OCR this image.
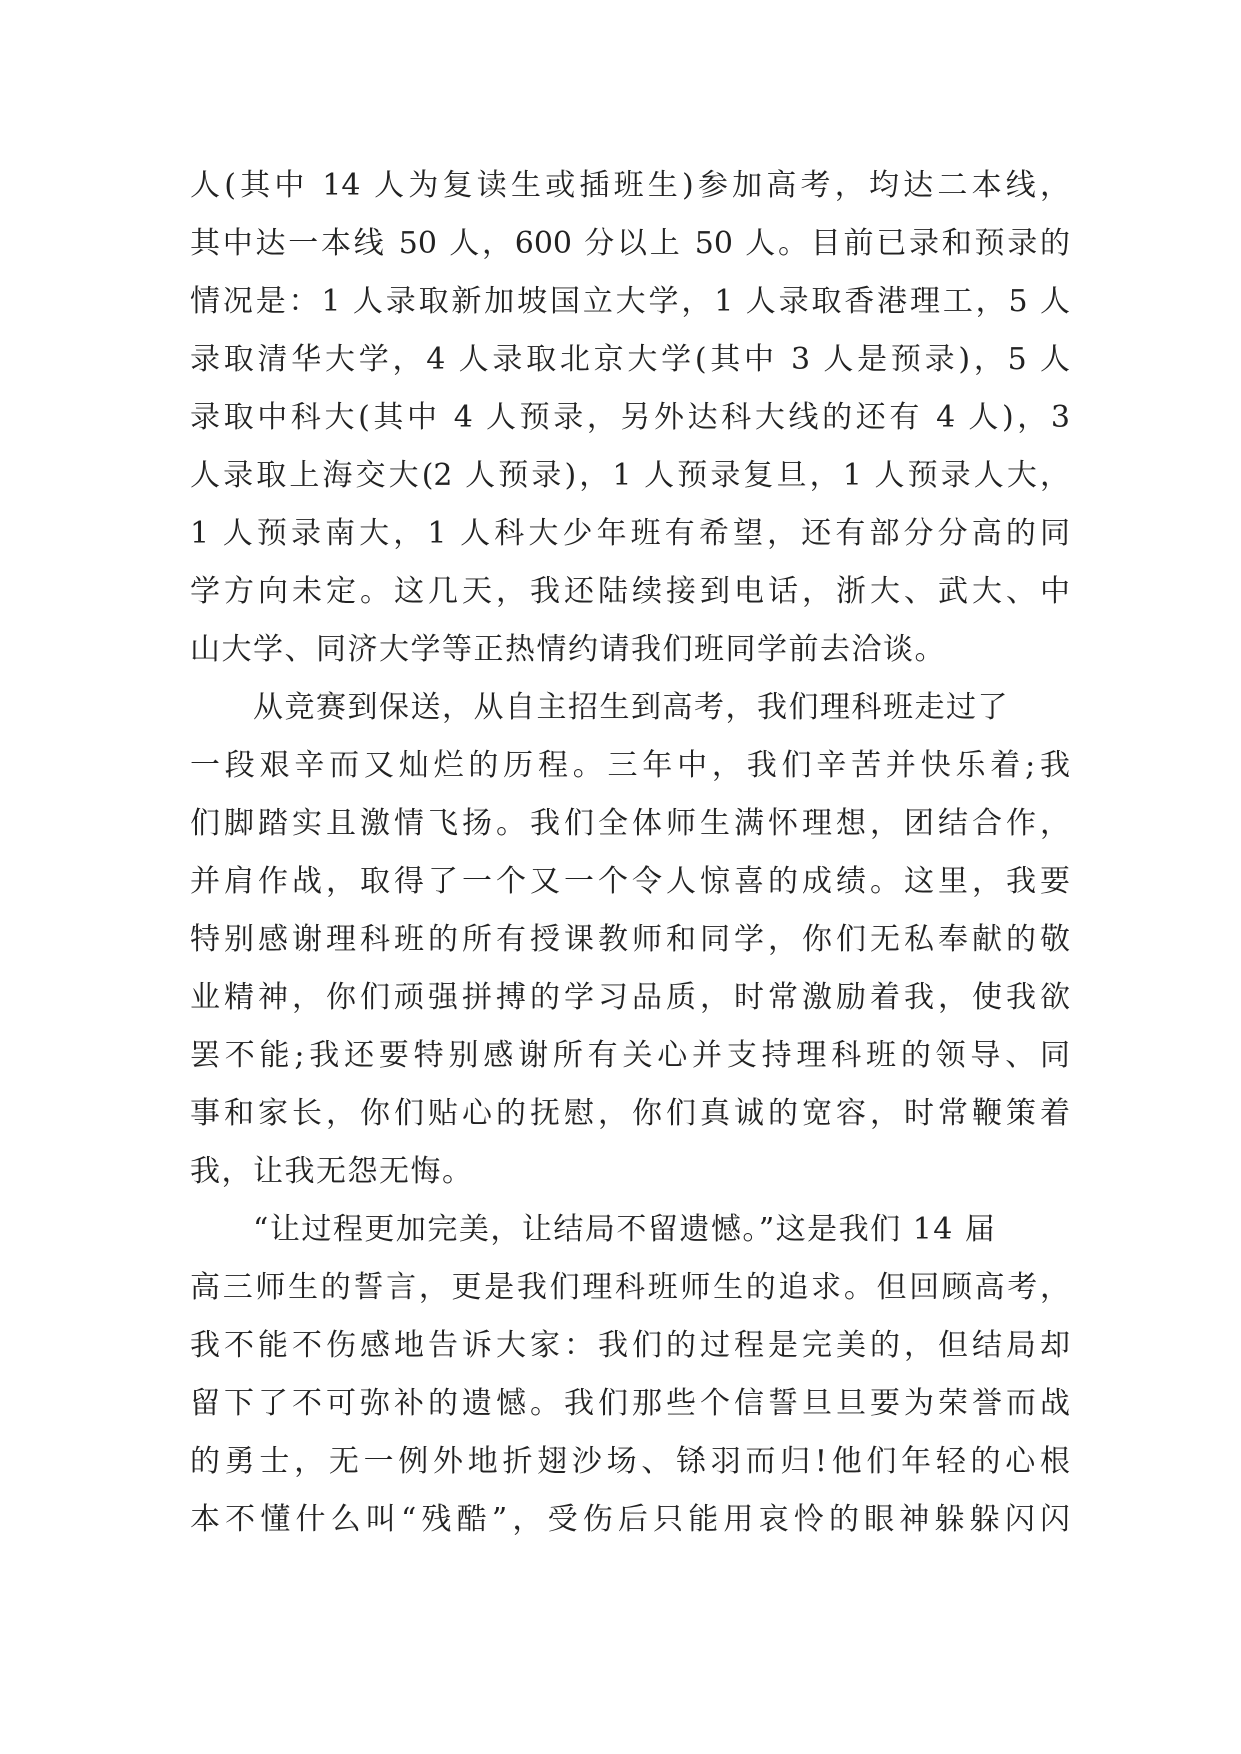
人(其中 14 人为复读生或插班生)参加高考，均达二本线，
其中达一本线 50 人，600 分以上 50 人。目前已录和预录的
情况是：1 人录取新加坡国立大学，1 人录取香港理工，5 人
录取清华大学，4 人录取北京大学(其中 3 人是预录)，5 人
录取中科大(其中 4 人预录，另外达科大线的还有 4 人)，3
人录取上海交大(2 人预录)，1 人预录复旦，1 人预录人大，
1 人预录南大，1 人科大少年班有希望，还有部分分高的同
学方向未定。这几天，我还陆续接到电话，浙大、武大、中
山大学、同济大学等正热情约请我们班同学前去洽谈。
　　从竞赛到保送，从自主招生到高考，我们理科班走过了
一段艰辛而又灿烂的历程。三年中，我们辛苦并快乐着;我
们脚踏实且激情飞扬。我们全体师生满怀理想，团结合作，
并肩作战，取得了一个又一个令人惊喜的成绩。这里，我要
特别感谢理科班的所有授课教师和同学，你们无私奉献的敬
业精神，你们顽强拼搏的学习品质，时常激励着我，使我欲
罢不能;我还要特别感谢所有关心并支持理科班的领导、同
事和家长，你们贴心的抚慰，你们真诚的宽容，时常鞭策着
我，让我无怨无悔。
　　“让过程更加完美，让结局不留遗憾。”这是我们 14 届
高三师生的誓言，更是我们理科班师生的追求。但回顾高考，
我不能不伤感地告诉大家：我们的过程是完美的，但结局却
留下了不可弥补的遗憾。我们那些个信誓旦旦要为荣誉而战
的勇士，无一例外地折翅沙场、铩羽而归!他们年轻的心根
本不懂什么叫“残酷”，受伤后只能用哀怜的眼神躲躲闪闪
